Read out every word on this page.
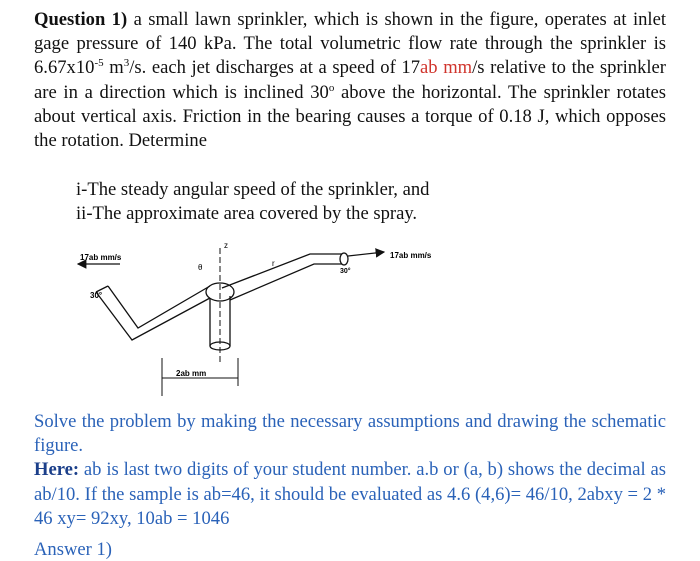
Question 1) a small lawn sprinkler, which is shown in the figure, operates at inlet gage pressure of 140 kPa. The total volumetric flow rate through the sprinkler is $6.67x10^{-5}$ $m^3/s$. each jet discharges at a speed of 17ab mm/s relative to the sprinkler are in a direction which is inclined 30$^o$ above the horizontal. The sprinkler rotates about vertical axis. Friction in the bearing causes a torque of 0.18 J, which opposes the rotation. Determine
i-The steady angular speed of the sprinkler, and
ii-The approximate area covered by the spray.
17ab mm/s
30°
17ab mm/s
30°
z
θ	r
2ab mm
Solve the problem by making the necessary assumptions and drawing the schematic figure.
Here: ab is last two digits of your student number. a.b or (a, b) shows the decimal as ab/10. If the sample is ab=46, it should be evaluated as 4.6 (4,6)= 46/10, 2abxy = 2 * 46 xy= 92xy, 10ab = 1046
Answer 1)
